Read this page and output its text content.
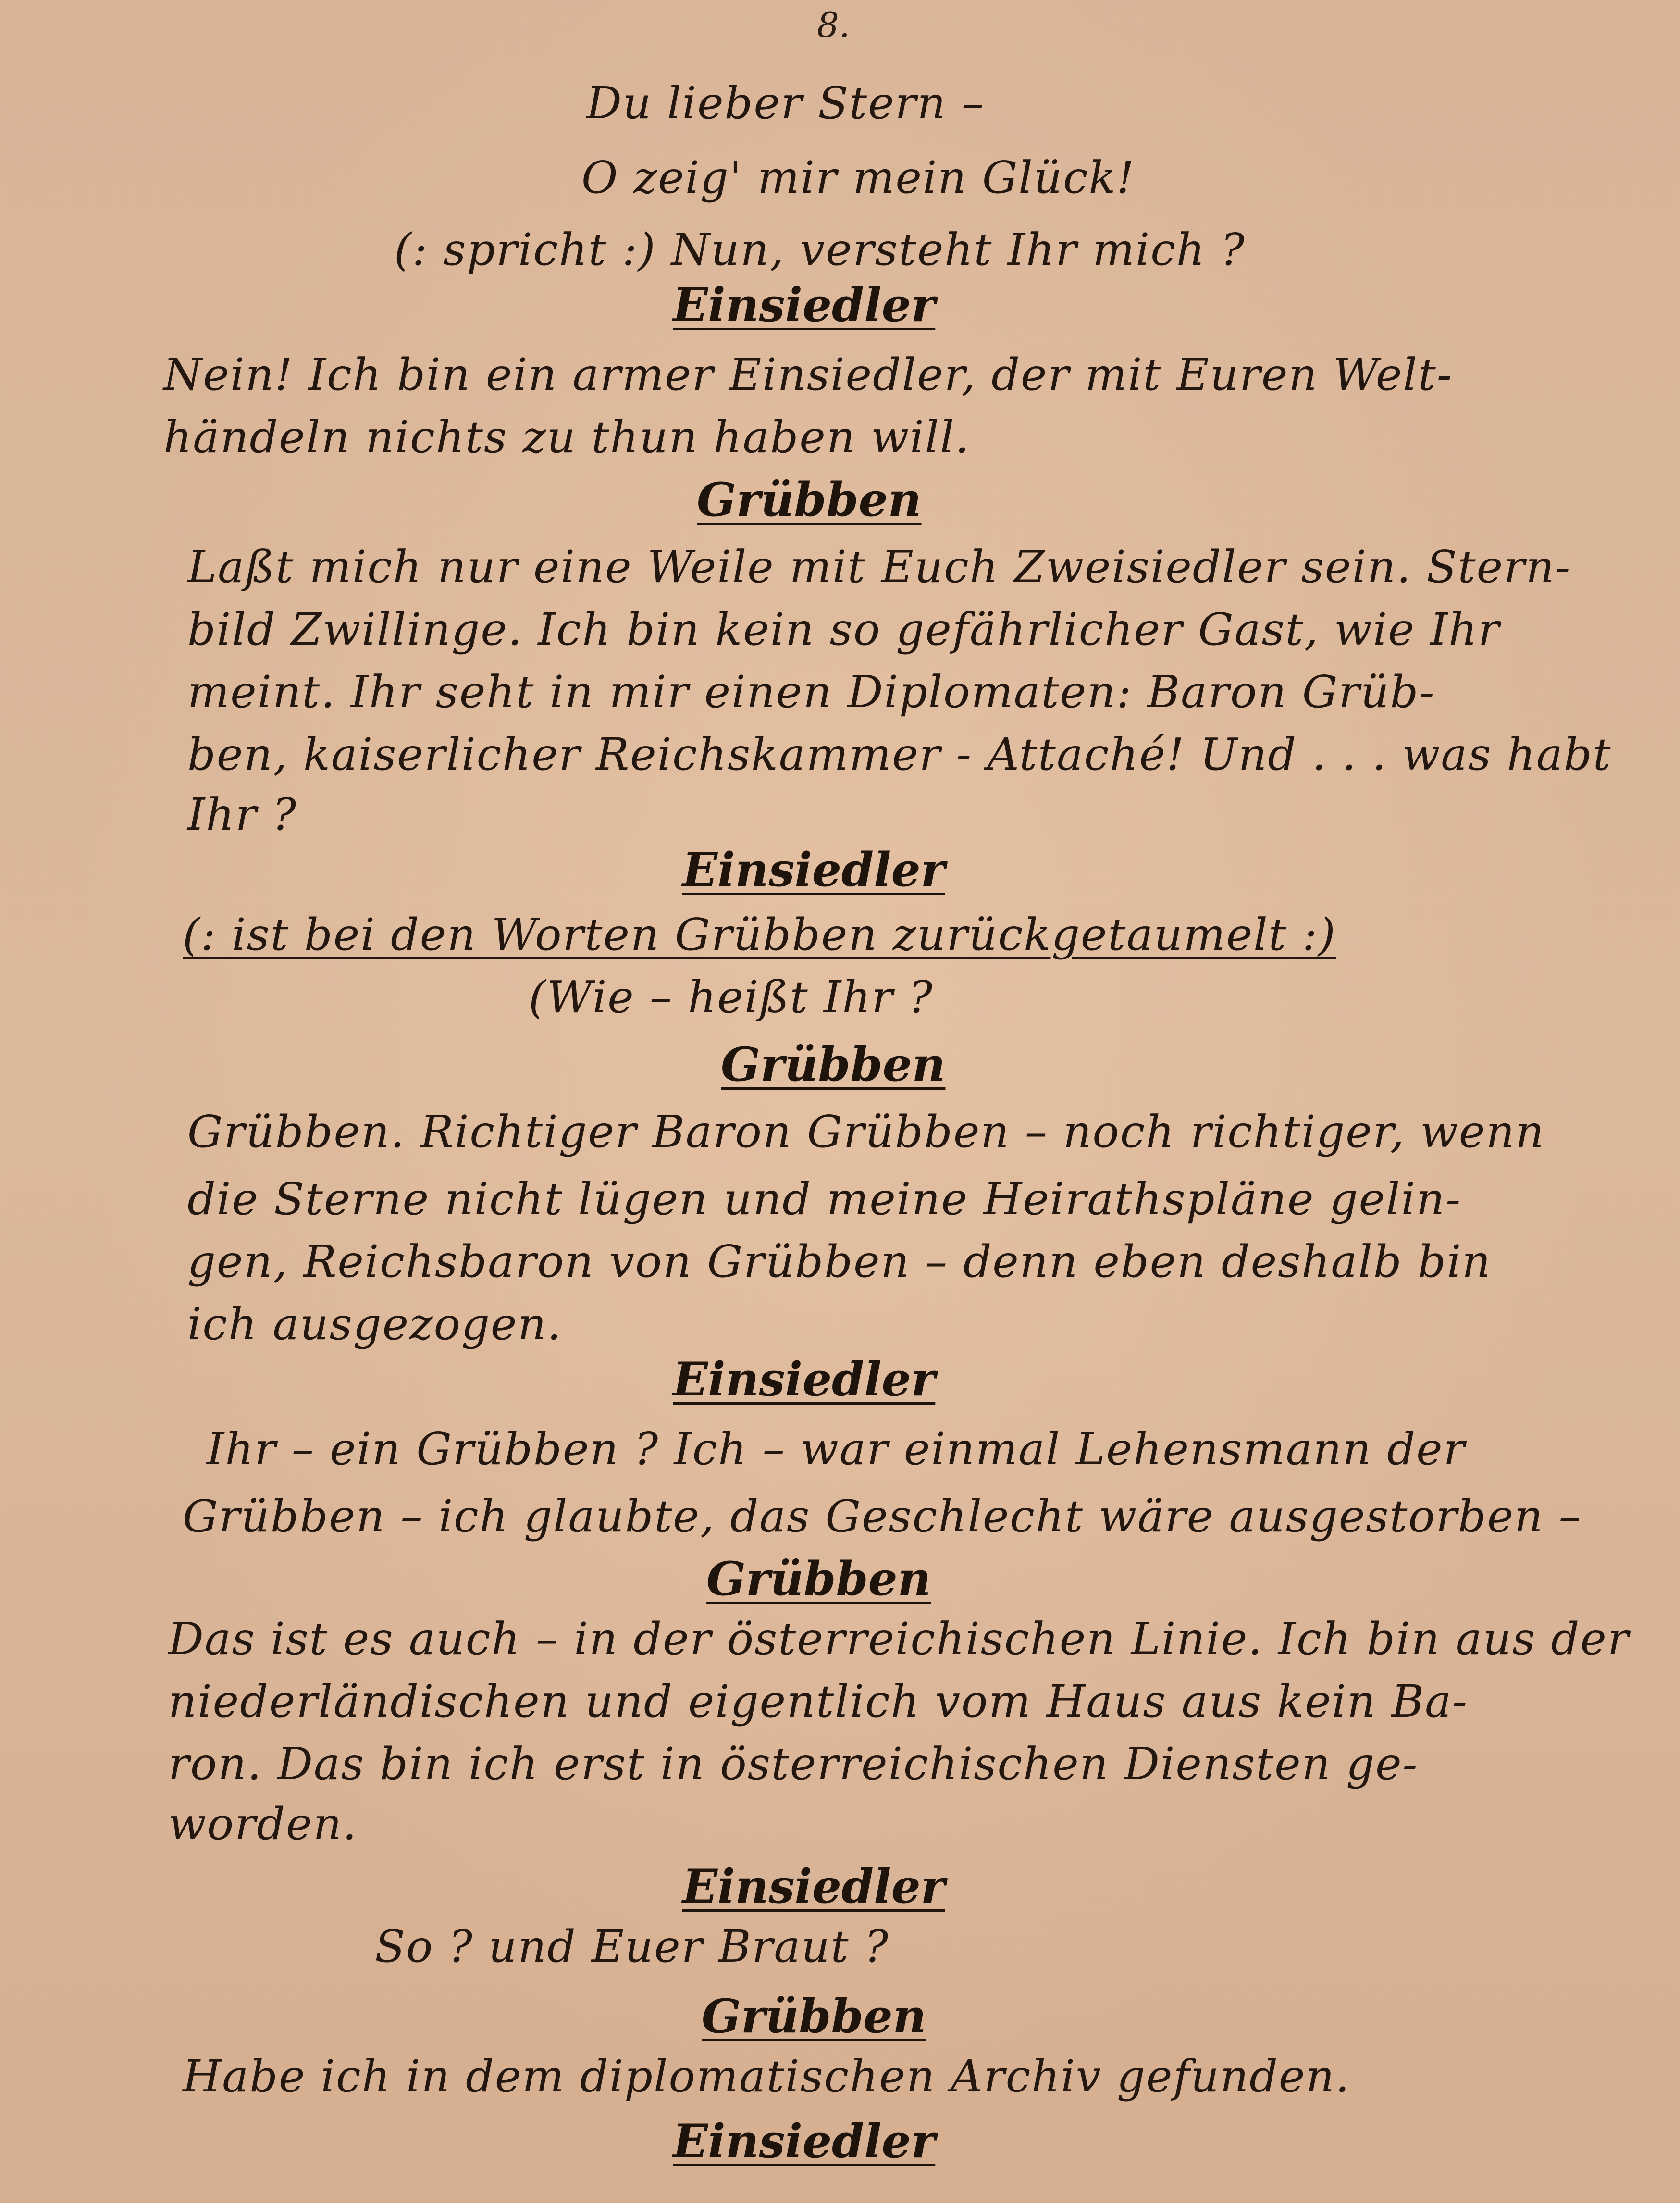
8.
Du lieber Stern –
O zeig' mir mein Glück!
(: spricht :) Nun, versteht Ihr mich ?
Einsiedler
Nein! Ich bin ein armer Einsiedler, der mit Euren Welt-
händeln nichts zu thun haben will.
Grübben
Laßt mich nur eine Weile mit Euch Zweisiedler sein. Stern-
bild Zwillinge. Ich bin kein so gefährlicher Gast, wie Ihr
meint. Ihr seht in mir einen Diplomaten: Baron Grüb-
ben, kaiserlicher Reichskammer - Attaché! Und . . . was habt
Ihr ?
Einsiedler
(: ist bei den Worten Grübben zurückgetaumelt :)
(Wie – heißt Ihr ?
Grübben
Grübben. Richtiger Baron Grübben – noch richtiger, wenn
die Sterne nicht lügen und meine Heirathspläne gelin-
gen, Reichsbaron von Grübben – denn eben deshalb bin
ich ausgezogen.
Einsiedler
Ihr – ein Grübben ? Ich – war einmal Lehensmann der
Grübben – ich glaubte, das Geschlecht wäre ausgestorben –
Grübben
Das ist es auch – in der österreichischen Linie. Ich bin aus der
niederländischen und eigentlich vom Haus aus kein Ba-
ron. Das bin ich erst in österreichischen Diensten ge-
worden.
Einsiedler
So ? und Euer Braut ?
Grübben
Habe ich in dem diplomatischen Archiv gefunden.
Einsiedler
